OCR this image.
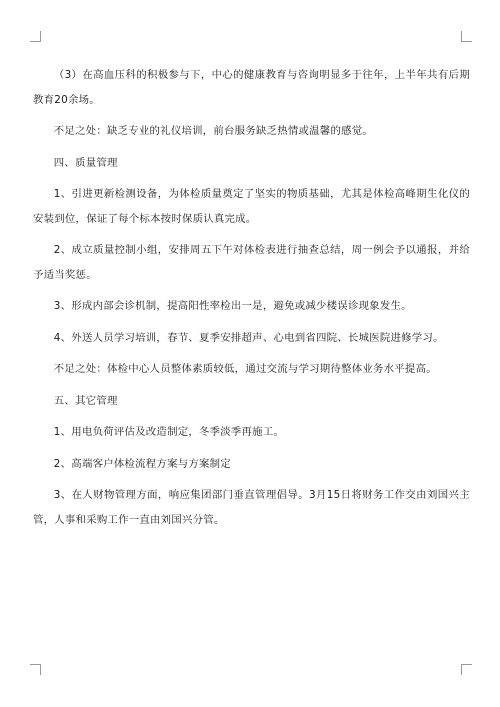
（3）在高血压科的积极参与下，中心的健康教育与咨询明显多于往年，上半年共有后期教育20余场。

不足之处：缺乏专业的礼仪培训，前台服务缺乏热情或温馨的感觉。

四、质量管理

1、引进更新检测设备，为体检质量奠定了坚实的物质基础，尤其是体检高峰期生化仪的安装到位，保证了每个标本按时保质认真完成。

2、成立质量控制小组，安排周五下午对体检表进行抽查总结，周一例会予以通报，并给予适当奖惩。

3、形成内部会诊机制，提高阳性率检出一是，避免或减少楼误诊现象发生。

4、外送人员学习培训，春节、夏季安排超声、心电到省四院、长城医院进修学习。

不足之处：体检中心人员整体素质较低，通过交流与学习期待整体业务水平提高。

五、其它管理

1、用电负荷评估及改造制定，冬季淡季再施工。

2、高端客户体检流程方案与方案制定

3、在人财物管理方面，响应集团部门垂直管理倡导。3月15日将财务工作交由刘国兴主管，人事和采购工作一直由刘国兴分管。
